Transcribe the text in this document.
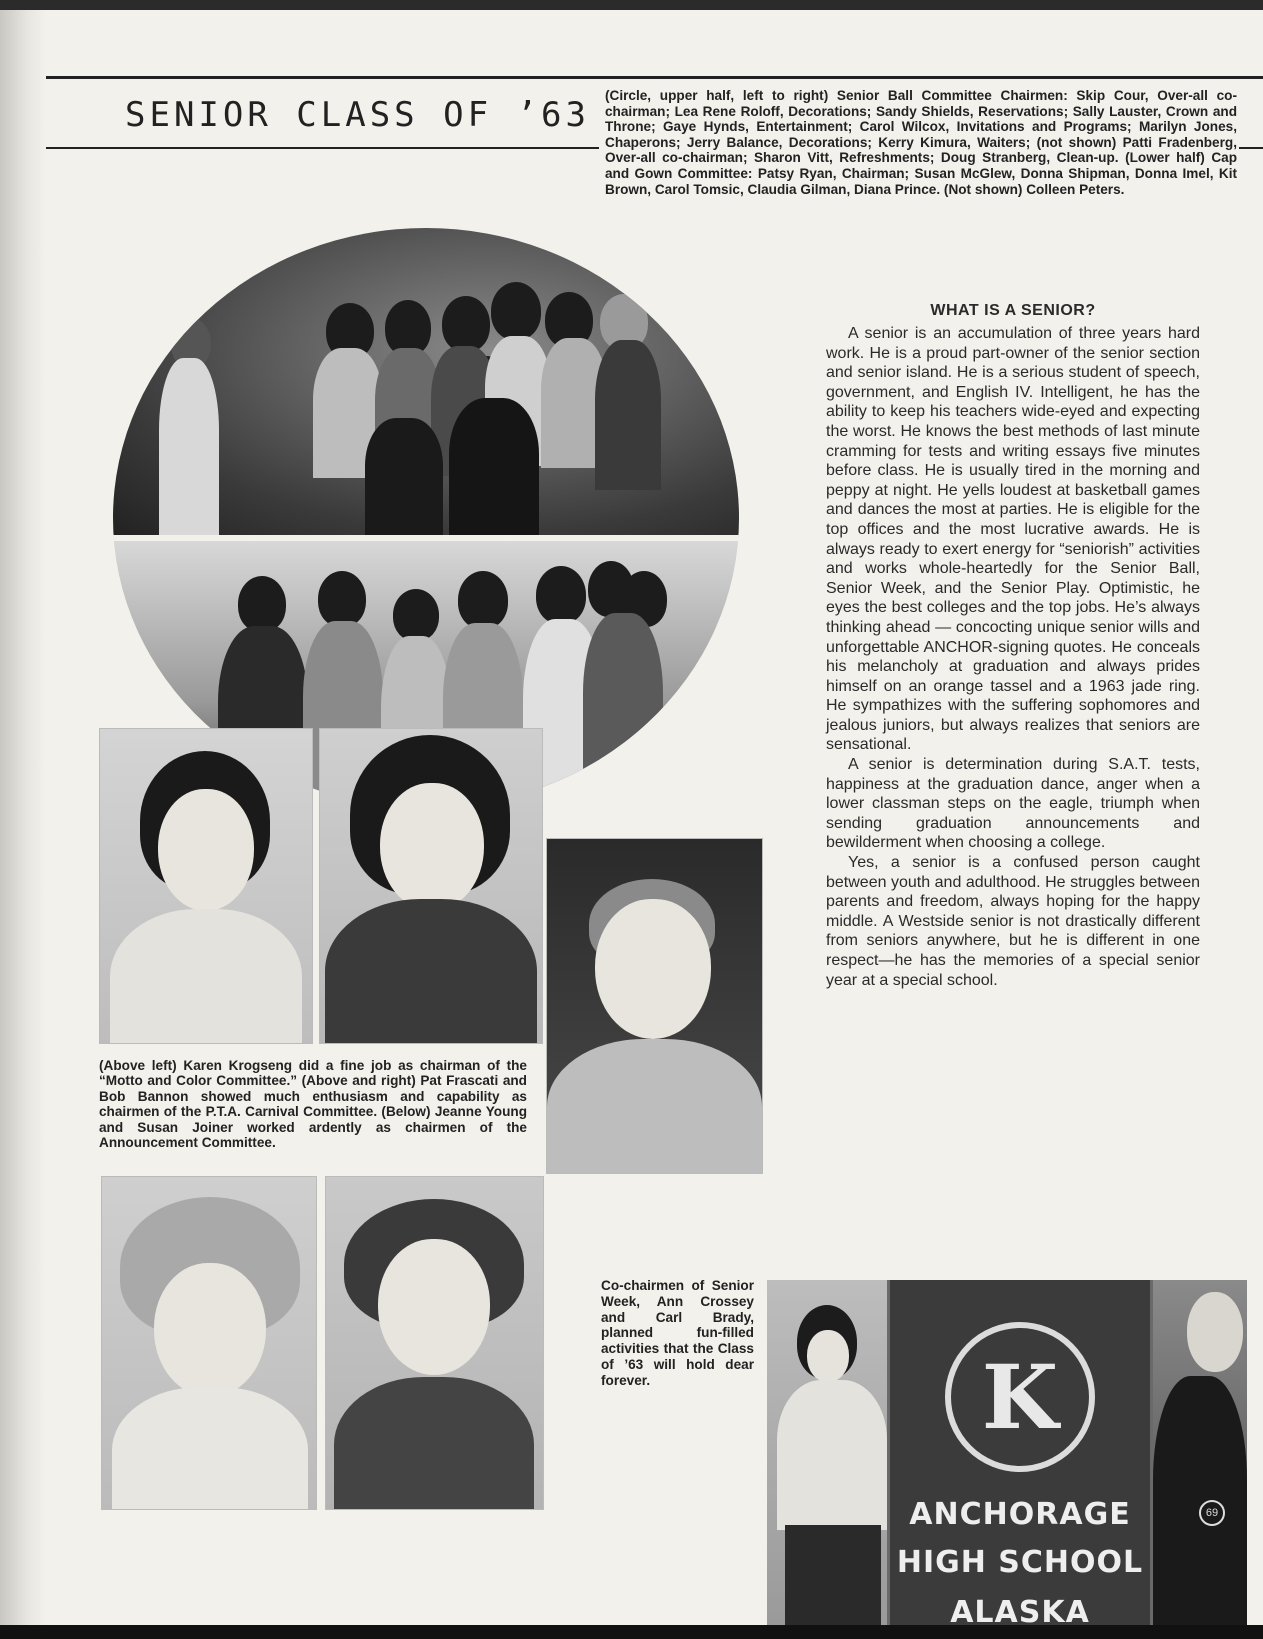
SENIOR CLASS OF ’63 (Circle, upper half, left to right) Senior Ball Committee Chairmen: Skip Cour, Over-all co-chairman; Lea Rene Roloff, Decorations; Sandy Shields, Reservations; Sally Lauster, Crown and Throne; Gaye Hynds, Entertainment; Carol Wilcox, Invitations and Programs; Marilyn Jones, Chaperons; Jerry Balance, Decorations; Kerry Kimura, Waiters; (not shown) Patti Fradenberg, Over-all co-chairman; Sharon Vitt, Refreshments; Doug Stranberg, Clean-up. (Lower half) Cap and Gown Committee: Patsy Ryan, Chairman; Susan McGlew, Donna Shipman, Donna Imel, Kit Brown, Carol Tomsic, Claudia Gilman, Diana Prince. (Not shown) Colleen Peters.
(Above left) Karen Krogseng did a fine job as chairman of the “Motto and Color Committee.” (Above and right) Pat Frascati and Bob Bannon showed much enthusiasm and capability as chairmen of the P.T.A. Carnival Committee. (Below) Jeanne Young and Susan Joiner worked ardently as chairmen of the Announcement Committee.
WHAT IS A SENIOR?

A senior is an accumulation of three years hard work. He is a proud part-owner of the senior section and senior island. He is a serious student of speech, government, and English IV. Intelligent, he has the ability to keep his teachers wide-eyed and expecting the worst. He knows the best methods of last minute cramming for tests and writing essays five minutes before class. He is usually tired in the morning and peppy at night. He yells loudest at basketball games and dances the most at parties. He is eligible for the top offices and the most lucrative awards. He is always ready to exert energy for “seniorish” activities and works whole-heartedly for the Senior Ball, Senior Week, and the Senior Play. Optimistic, he eyes the best colleges and the top jobs. He’s always thinking ahead — concocting unique senior wills and unforgettable ANCHOR-signing quotes. He conceals his melancholy at graduation and always prides himself on an orange tassel and a 1963 jade ring. He sympathizes with the suffering sophomores and jealous juniors, but always realizes that seniors are sensational.

A senior is determination during S.A.T. tests, happiness at the graduation dance, anger when a lower classman steps on the eagle, triumph when sending graduation announcements and bewilderment when choosing a college.

Yes, a senior is a confused person caught between youth and adulthood. He struggles between parents and freedom, always hoping for the happy middle. A Westside senior is not drastically different from seniors anywhere, but he is different in one respect—he has the memories of a special senior year at a special school.

Co-chairmen of Senior Week, Ann Crossey and Carl Brady, planned fun-filled activities that the Class of ’63 will hold dear forever.	K
ANCHORAGE
HIGH SCHOOL
ALASKA
69
